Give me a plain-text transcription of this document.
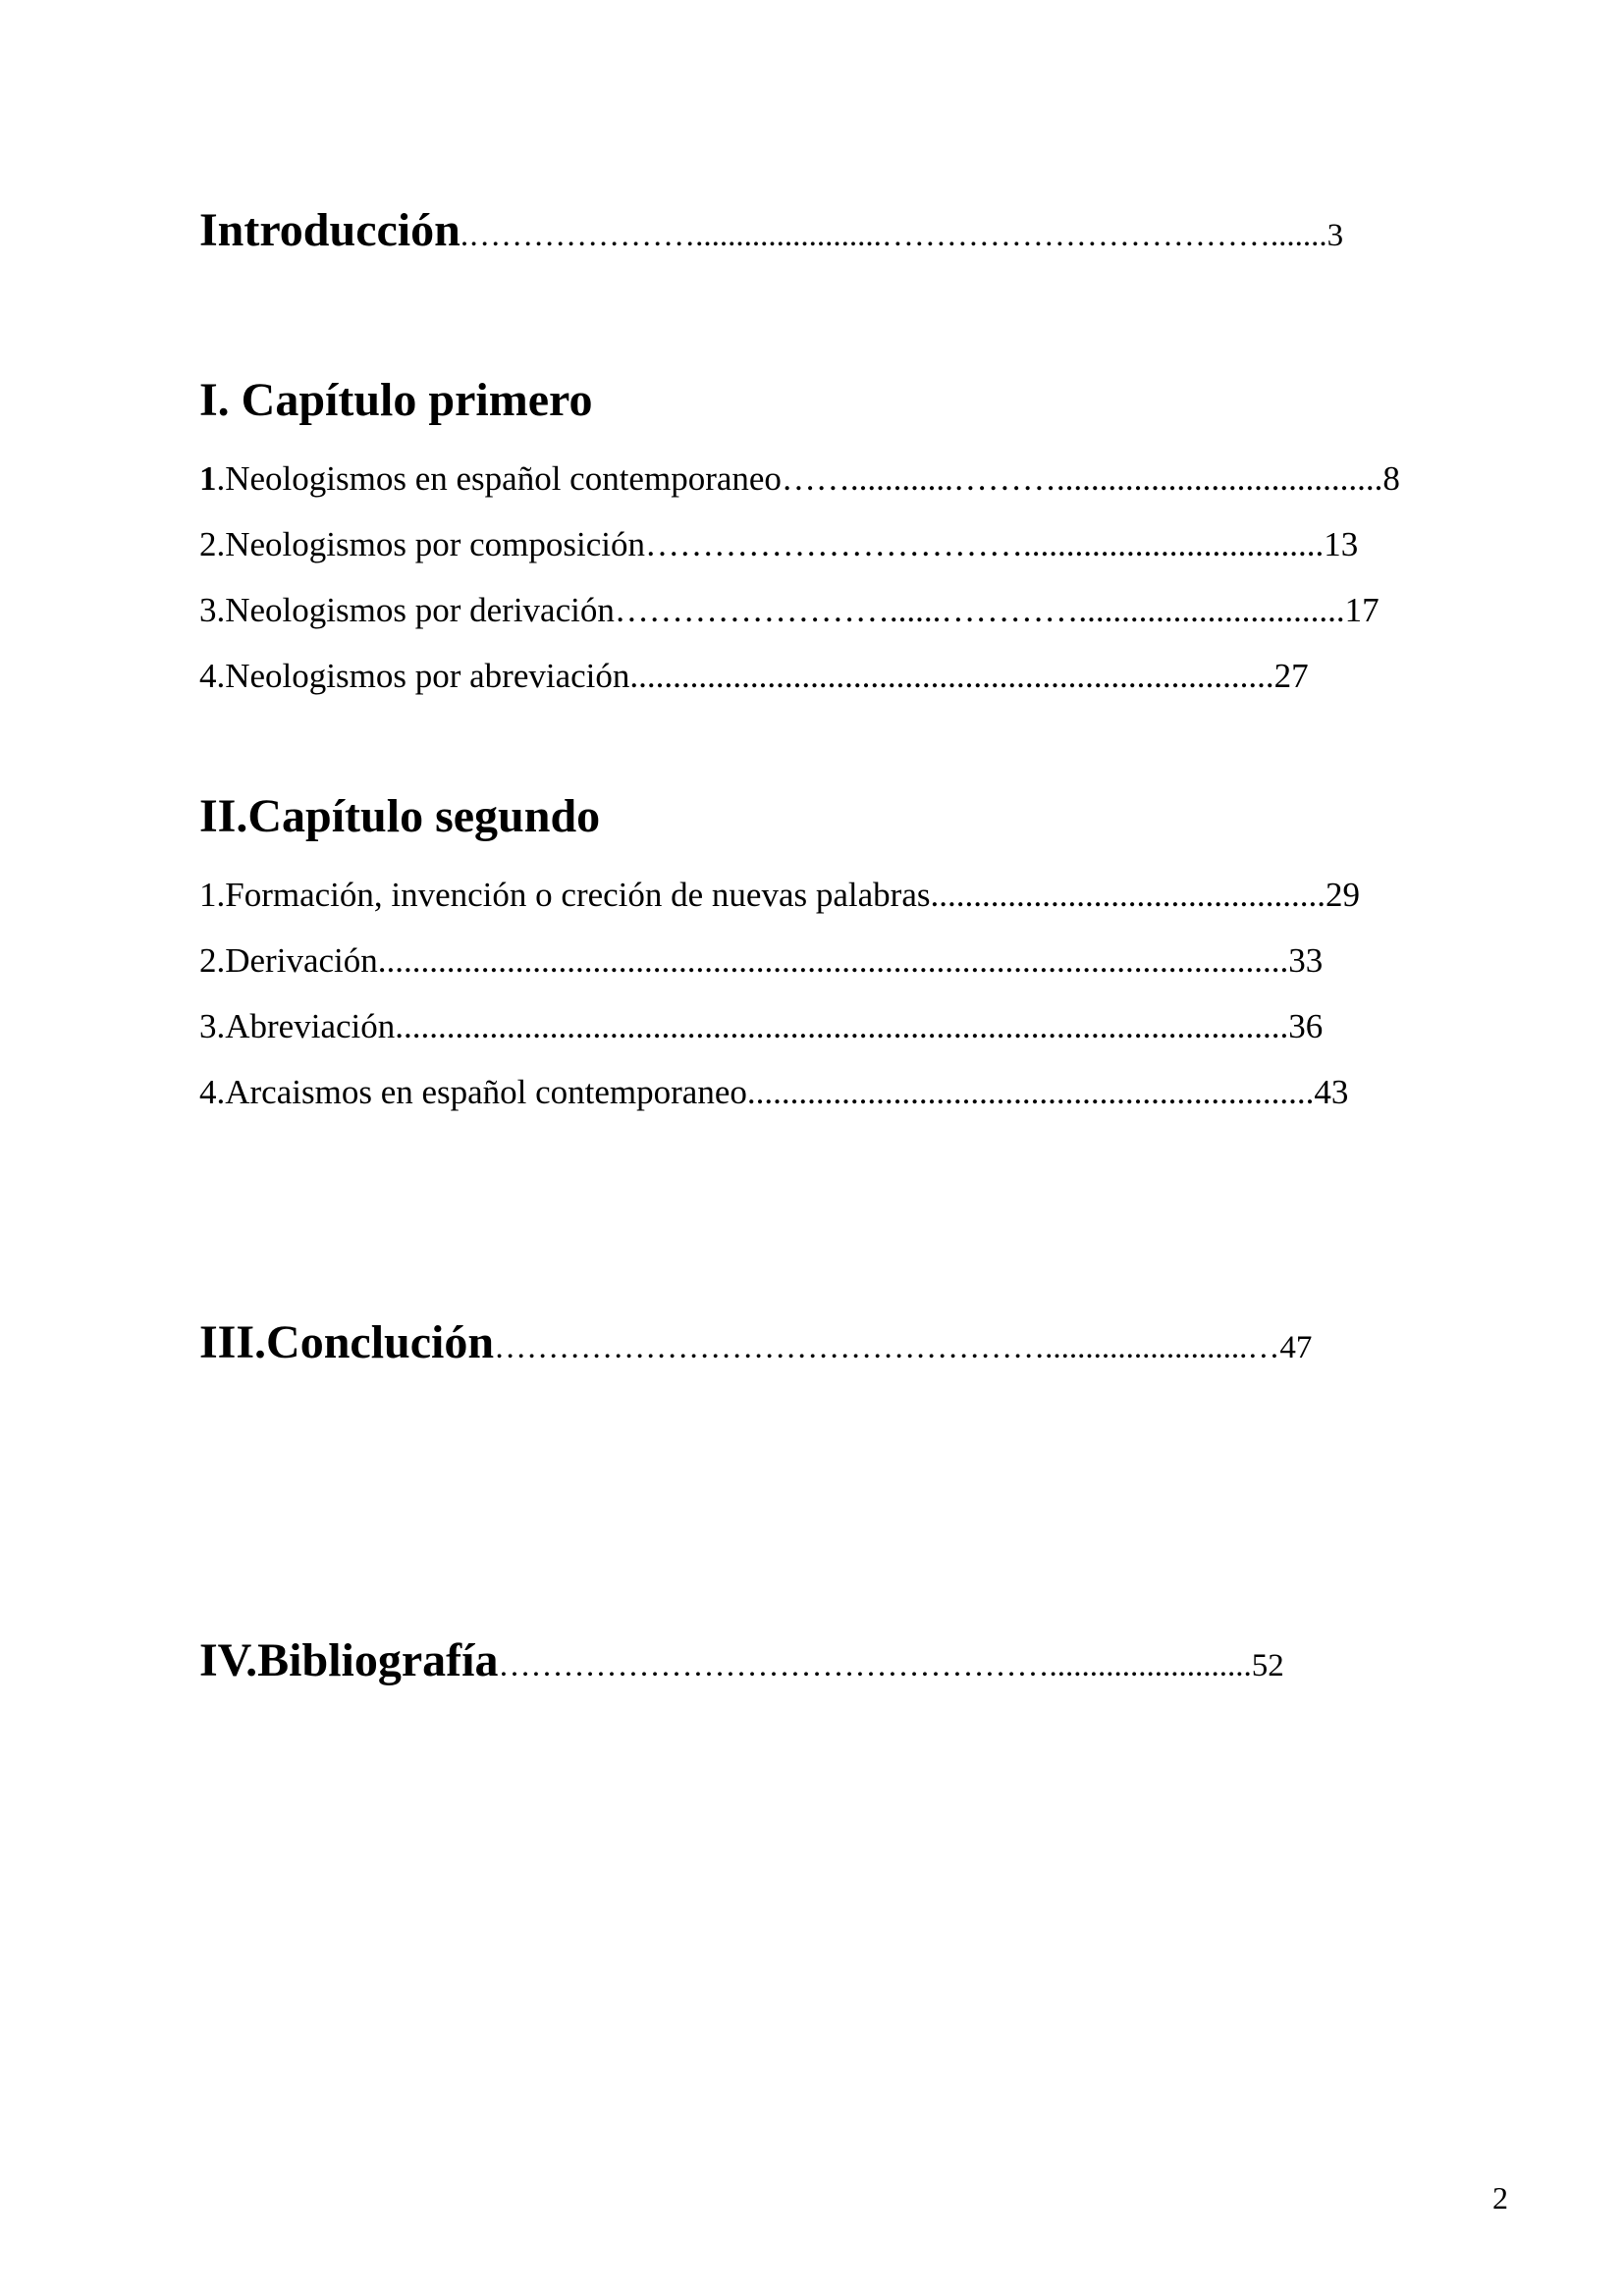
Introducción.………………….......................……………………………….......3
I. Capítulo primero
1.Neologismos en español contemporaneo……............………......................................8
2.Neologismos por composición……………………………...................................13
3.Neologismos por derivación……………………......…………...............................17
4.Neologismos por abreviación...........................................................................27
II.Capítulo segundo
1.Formación, invención o creción de nuevas palabras..............................................29
2.Derivación..........................................................................................................33
3.Abreviación........................................................................................................36
4.Arcaismos en español contemporaneo..................................................................43
III.Conclución…………………………………………….........................…47
IV.Bibliografía…………………………………………….........................52
2
